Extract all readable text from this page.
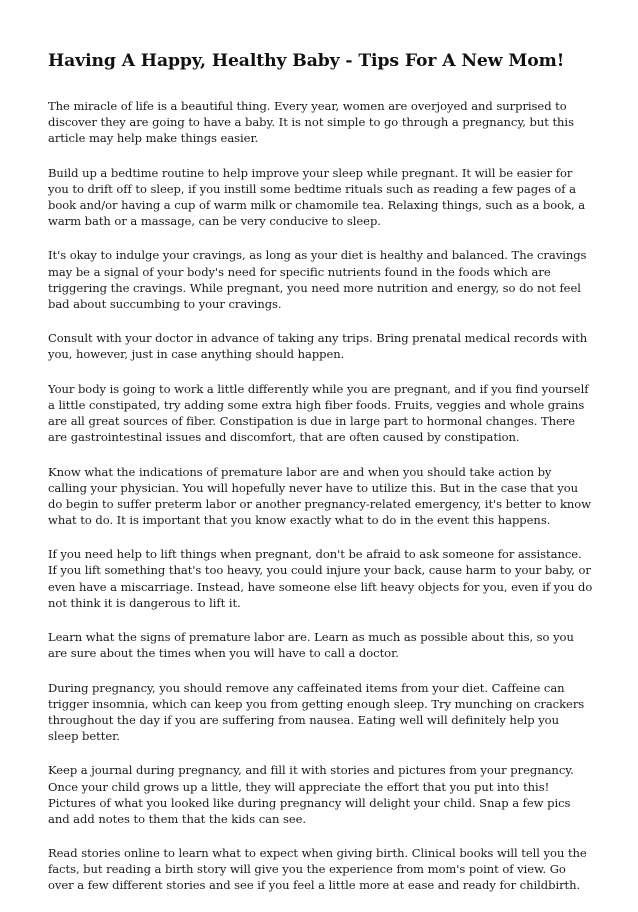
Having A Happy, Healthy Baby - Tips For A New Mom!

The miracle of life is a beautiful thing. Every year, women are overjoyed and surprised to discover they are going to have a baby. It is not simple to go through a pregnancy, but this article may help make things easier.

Build up a bedtime routine to help improve your sleep while pregnant. It will be easier for you to drift off to sleep, if you instill some bedtime rituals such as reading a few pages of a book and/or having a cup of warm milk or chamomile tea. Relaxing things, such as a book, a warm bath or a massage, can be very conducive to sleep.

It's okay to indulge your cravings, as long as your diet is healthy and balanced. The cravings may be a signal of your body's need for specific nutrients found in the foods which are triggering the cravings. While pregnant, you need more nutrition and energy, so do not feel bad about succumbing to your cravings.

Consult with your doctor in advance of taking any trips. Bring prenatal medical records with you, however, just in case anything should happen.

Your body is going to work a little differently while you are pregnant, and if you find yourself a little constipated, try adding some extra high fiber foods. Fruits, veggies and whole grains are all great sources of fiber. Constipation is due in large part to hormonal changes. There are gastrointestinal issues and discomfort, that are often caused by constipation.

Know what the indications of premature labor are and when you should take action by calling your physician. You will hopefully never have to utilize this. But in the case that you do begin to suffer preterm labor or another pregnancy-related emergency, it's better to know what to do. It is important that you know exactly what to do in the event this happens.

If you need help to lift things when pregnant, don't be afraid to ask someone for assistance. If you lift something that's too heavy, you could injure your back, cause harm to your baby, or even have a miscarriage. Instead, have someone else lift heavy objects for you, even if you do not think it is dangerous to lift it.

Learn what the signs of premature labor are. Learn as much as possible about this, so you are sure about the times when you will have to call a doctor.

During pregnancy, you should remove any caffeinated items from your diet. Caffeine can trigger insomnia, which can keep you from getting enough sleep. Try munching on crackers throughout the day if you are suffering from nausea. Eating well will definitely help you sleep better.

Keep a journal during pregnancy, and fill it with stories and pictures from your pregnancy. Once your child grows up a little, they will appreciate the effort that you put into this! Pictures of what you looked like during pregnancy will delight your child. Snap a few pics and add notes to them that the kids can see.

Read stories online to learn what to expect when giving birth. Clinical books will tell you the facts, but reading a birth story will give you the experience from mom's point of view. Go over a few different stories and see if you feel a little more at ease and ready for childbirth.
